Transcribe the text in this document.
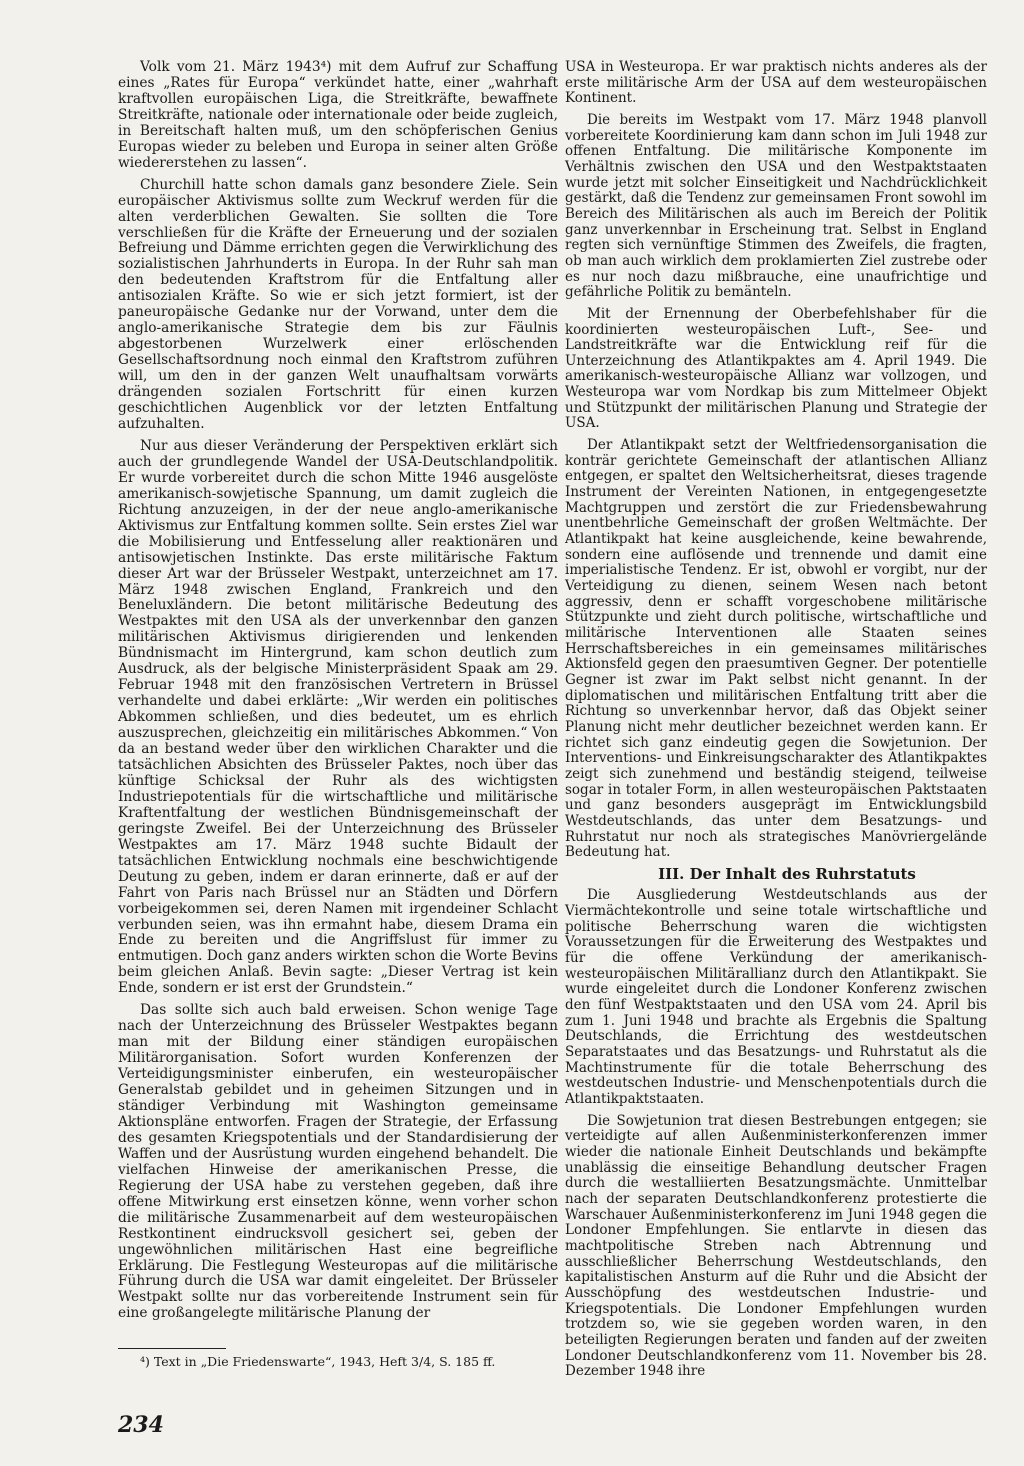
Volk vom 21. März 1943⁴) mit dem Aufruf zur Schaffung eines „Rates für Europa“ verkündet hatte, einer „wahrhaft kraftvollen europäischen Liga, die Streitkräfte, bewaffnete Streitkräfte, nationale oder internationale oder beide zugleich, in Bereitschaft halten muß, um den schöpferischen Genius Europas wieder zu beleben und Europa in seiner alten Größe wiedererstehen zu lassen“.

Churchill hatte schon damals ganz besondere Ziele. Sein europäischer Aktivismus sollte zum Weckruf werden für die alten verderblichen Gewalten. Sie sollten die Tore verschließen für die Kräfte der Erneuerung und der sozialen Befreiung und Dämme errichten gegen die Verwirklichung des sozialistischen Jahrhunderts in Europa. In der Ruhr sah man den bedeutenden Kraftstrom für die Entfaltung aller antisozialen Kräfte. So wie er sich jetzt formiert, ist der paneuropäische Gedanke nur der Vorwand, unter dem die anglo-amerikanische Strategie dem bis zur Fäulnis abgestorbenen Wurzelwerk einer erlöschenden Gesellschaftsordnung noch einmal den Kraftstrom zuführen will, um den in der ganzen Welt unaufhaltsam vorwärts drängenden sozialen Fortschritt für einen kurzen geschichtlichen Augenblick vor der letzten Entfaltung aufzuhalten.

Nur aus dieser Veränderung der Perspektiven erklärt sich auch der grundlegende Wandel der USA-Deutschlandpolitik. Er wurde vorbereitet durch die schon Mitte 1946 ausgelöste amerikanisch-sowjetische Spannung, um damit zugleich die Richtung anzuzeigen, in der der neue anglo-amerikanische Aktivismus zur Entfaltung kommen sollte. Sein erstes Ziel war die Mobilisierung und Entfesselung aller reaktionären und antisowjetischen Instinkte. Das erste militärische Faktum dieser Art war der Brüsseler Westpakt, unterzeichnet am 17. März 1948 zwischen England, Frankreich und den Beneluxländern. Die betont militärische Bedeutung des Westpaktes mit den USA als der unverkennbar den ganzen militärischen Aktivismus dirigierenden und lenkenden Bündnismacht im Hintergrund, kam schon deutlich zum Ausdruck, als der belgische Ministerpräsident Spaak am 29. Februar 1948 mit den französischen Vertretern in Brüssel verhandelte und dabei erklärte: „Wir werden ein politisches Abkommen schließen, und dies bedeutet, um es ehrlich auszusprechen, gleichzeitig ein militärisches Abkommen.“ Von da an bestand weder über den wirklichen Charakter und die tatsächlichen Absichten des Brüsseler Paktes, noch über das künftige Schicksal der Ruhr als des wichtigsten Industriepotentials für die wirtschaftliche und militärische Kraftentfaltung der westlichen Bündnisgemeinschaft der geringste Zweifel. Bei der Unterzeichnung des Brüsseler Westpaktes am 17. März 1948 suchte Bidault der tatsächlichen Entwicklung nochmals eine beschwichtigende Deutung zu geben, indem er daran erinnerte, daß er auf der Fahrt von Paris nach Brüssel nur an Städten und Dörfern vorbeigekommen sei, deren Namen mit irgendeiner Schlacht verbunden seien, was ihn ermahnt habe, diesem Drama ein Ende zu bereiten und die Angriffslust für immer zu entmutigen. Doch ganz anders wirkten schon die Worte Bevins beim gleichen Anlaß. Bevin sagte: „Dieser Vertrag ist kein Ende, sondern er ist erst der Grundstein.“

Das sollte sich auch bald erweisen. Schon wenige Tage nach der Unterzeichnung des Brüsseler Westpaktes begann man mit der Bildung einer ständigen europäischen Militärorganisation. Sofort wurden Konferenzen der Verteidigungsminister einberufen, ein westeuropäischer Generalstab gebildet und in geheimen Sitzungen und in ständiger Verbindung mit Washington gemeinsame Aktionspläne entworfen. Fragen der Strategie, der Erfassung des gesamten Kriegspotentials und der Standardisierung der Waffen und der Ausrüstung wurden eingehend behandelt. Die vielfachen Hinweise der amerikanischen Presse, die Regierung der USA habe zu verstehen gegeben, daß ihre offene Mitwirkung erst einsetzen könne, wenn vorher schon die militärische Zusammenarbeit auf dem westeuropäischen Restkontinent eindrucksvoll gesichert sei, geben der ungewöhnlichen militärischen Hast eine begreifliche Erklärung. Die Festlegung Westeuropas auf die militärische Führung durch die USA war damit eingeleitet. Der Brüsseler Westpakt sollte nur das vorbereitende Instrument sein für eine großangelegte militärische Planung der

USA in Westeuropa. Er war praktisch nichts anderes als der erste militärische Arm der USA auf dem westeuropäischen Kontinent.

Die bereits im Westpakt vom 17. März 1948 planvoll vorbereitete Koordinierung kam dann schon im Juli 1948 zur offenen Entfaltung. Die militärische Komponente im Verhältnis zwischen den USA und den Westpaktstaaten wurde jetzt mit solcher Einseitigkeit und Nachdrücklichkeit gestärkt, daß die Tendenz zur gemeinsamen Front sowohl im Bereich des Militärischen als auch im Bereich der Politik ganz unverkennbar in Erscheinung trat. Selbst in England regten sich vernünftige Stimmen des Zweifels, die fragten, ob man auch wirklich dem proklamierten Ziel zustrebe oder es nur noch dazu mißbrauche, eine unaufrichtige und gefährliche Politik zu bemänteln.

Mit der Ernennung der Oberbefehlshaber für die koordinierten westeuropäischen Luft-, See- und Landstreitkräfte war die Entwicklung reif für die Unterzeichnung des Atlantikpaktes am 4. April 1949. Die amerikanisch-westeuropäische Allianz war vollzogen, und Westeuropa war vom Nordkap bis zum Mittelmeer Objekt und Stützpunkt der militärischen Planung und Strategie der USA.

Der Atlantikpakt setzt der Weltfriedensorganisation die konträr gerichtete Gemeinschaft der atlantischen Allianz entgegen, er spaltet den Weltsicherheitsrat, dieses tragende Instrument der Vereinten Nationen, in entgegengesetzte Machtgruppen und zerstört die zur Friedensbewahrung unentbehrliche Gemeinschaft der großen Weltmächte. Der Atlantikpakt hat keine ausgleichende, keine bewahrende, sondern eine auflösende und trennende und damit eine imperialistische Tendenz. Er ist, obwohl er vorgibt, nur der Verteidigung zu dienen, seinem Wesen nach betont aggressiv, denn er schafft vorgeschobene militärische Stützpunkte und zieht durch politische, wirtschaftliche und militärische Interventionen alle Staaten seines Herrschaftsbereiches in ein gemeinsames militärisches Aktionsfeld gegen den praesumtiven Gegner. Der potentielle Gegner ist zwar im Pakt selbst nicht genannt. In der diplomatischen und militärischen Entfaltung tritt aber die Richtung so unverkennbar hervor, daß das Objekt seiner Planung nicht mehr deutlicher bezeichnet werden kann. Er richtet sich ganz eindeutig gegen die Sowjetunion. Der Interventions- und Einkreisungscharakter des Atlantikpaktes zeigt sich zunehmend und beständig steigend, teilweise sogar in totaler Form, in allen westeuropäischen Paktstaaten und ganz besonders ausgeprägt im Entwicklungsbild Westdeutschlands, das unter dem Besatzungs- und Ruhrstatut nur noch als strategisches Manövriergelände Bedeutung hat.

III. Der Inhalt des Ruhrstatuts

Die Ausgliederung Westdeutschlands aus der Viermächtekontrolle und seine totale wirtschaftliche und politische Beherrschung waren die wichtigsten Voraussetzungen für die Erweiterung des Westpaktes und für die offene Verkündung der amerikanisch-westeuropäischen Militärallianz durch den Atlantikpakt. Sie wurde eingeleitet durch die Londoner Konferenz zwischen den fünf Westpaktstaaten und den USA vom 24. April bis zum 1. Juni 1948 und brachte als Ergebnis die Spaltung Deutschlands, die Errichtung des westdeutschen Separatstaates und das Besatzungs- und Ruhrstatut als die Machtinstrumente für die totale Beherrschung des westdeutschen Industrie- und Menschenpotentials durch die Atlantikpaktstaaten.

Die Sowjetunion trat diesen Bestrebungen entgegen; sie verteidigte auf allen Außenministerkonferenzen immer wieder die nationale Einheit Deutschlands und bekämpfte unablässig die einseitige Behandlung deutscher Fragen durch die westalliierten Besatzungsmächte. Unmittelbar nach der separaten Deutschlandkonferenz protestierte die Warschauer Außenministerkonferenz im Juni 1948 gegen die Londoner Empfehlungen. Sie entlarvte in diesen das machtpolitische Streben nach Abtrennung und ausschließlicher Beherrschung Westdeutschlands, den kapitalistischen Ansturm auf die Ruhr und die Absicht der Ausschöpfung des westdeutschen Industrie- und Kriegspotentials. Die Londoner Empfehlungen wurden trotzdem so, wie sie gegeben worden waren, in den beteiligten Regierungen beraten und fanden auf der zweiten Londoner Deutschlandkonferenz vom 11. November bis 28. Dezember 1948 ihre

⁴) Text in „Die Friedenswarte“, 1943, Heft 3/4, S. 185 ff.
234
